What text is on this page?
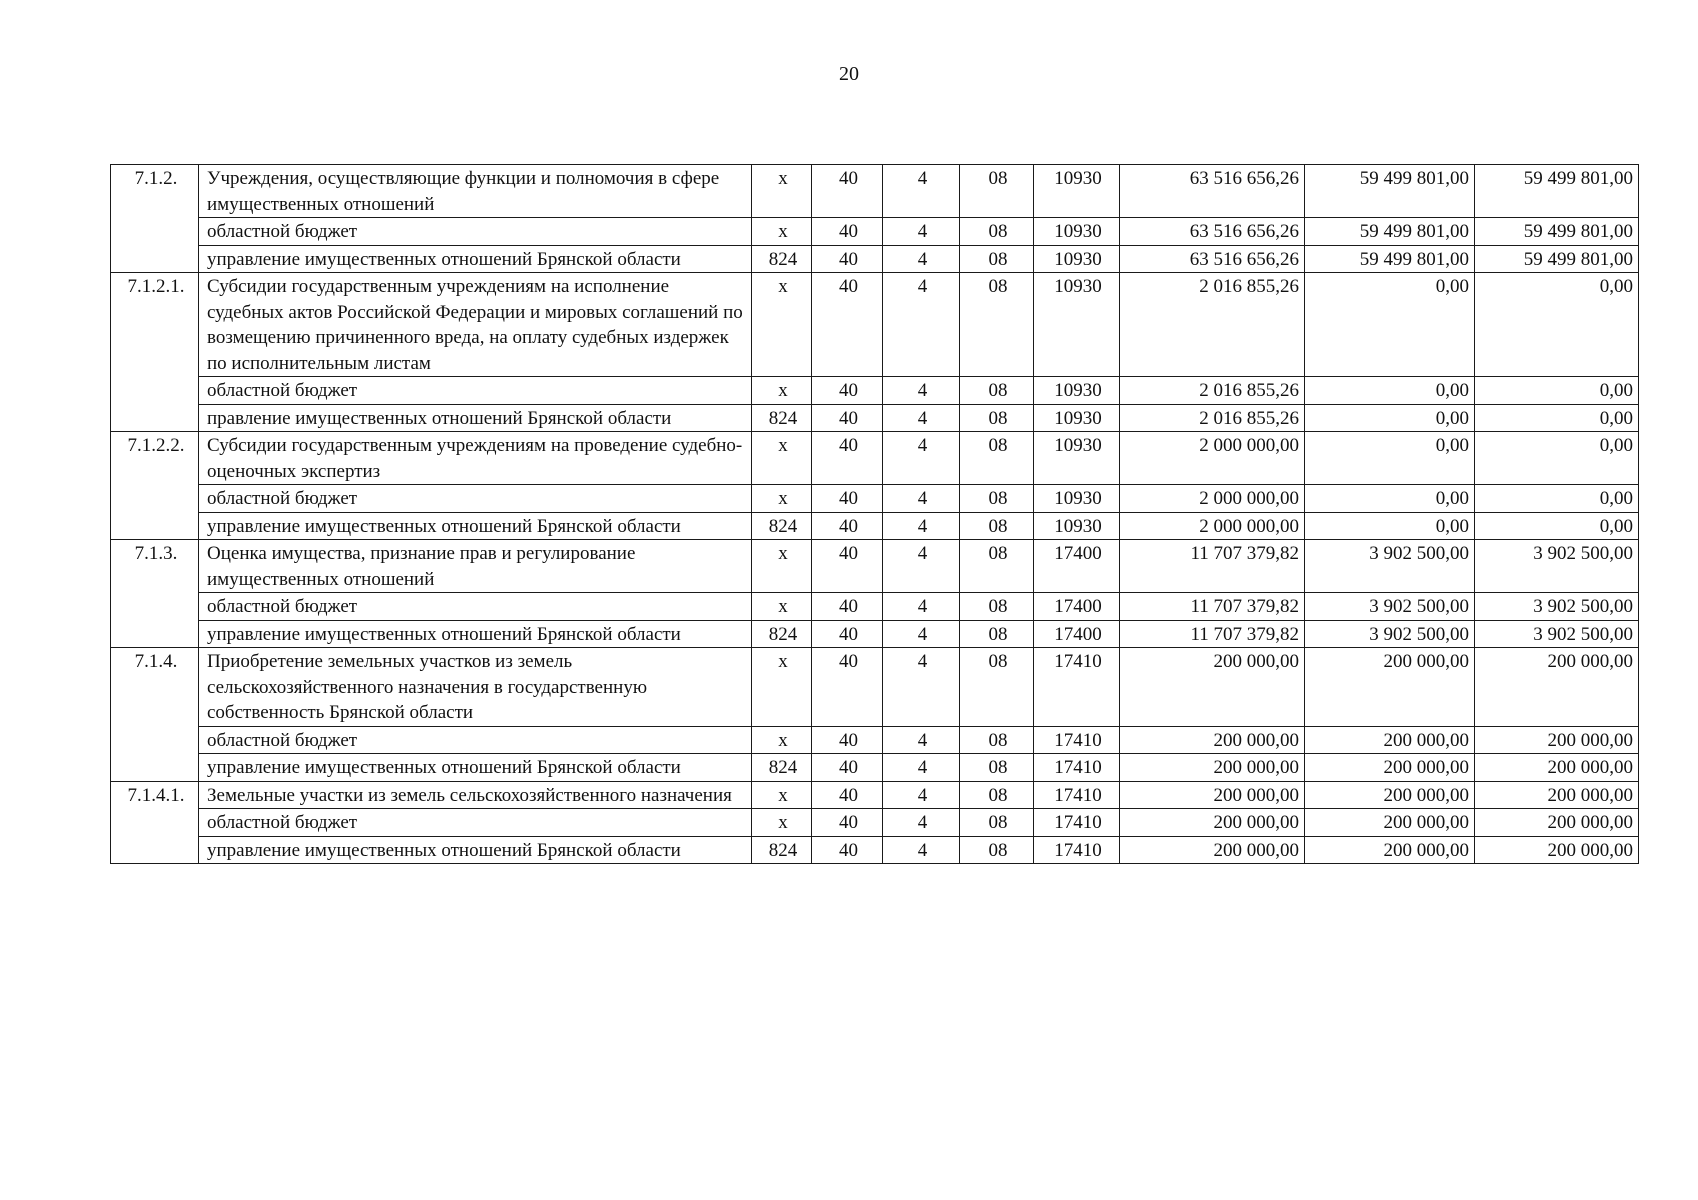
20
7.1.2.	Учреждения, осуществляющие функции и полномочия в сфере имущественных отношений	х	40	4	08	10930	63 516 656,26	59 499 801,00	59 499 801,00
	областной бюджет	х	40	4	08	10930	63 516 656,26	59 499 801,00	59 499 801,00
	управление имущественных отношений Брянской области	824	40	4	08	10930	63 516 656,26	59 499 801,00	59 499 801,00
7.1.2.1.	Субсидии государственным учреждениям на исполнение судебных актов Российской Федерации и мировых соглашений по возмещению причиненного вреда, на оплату судебных издержек по исполнительным листам	х	40	4	08	10930	2 016 855,26	0,00	0,00
	областной бюджет	х	40	4	08	10930	2 016 855,26	0,00	0,00
	правление имущественных отношений Брянской области	824	40	4	08	10930	2 016 855,26	0,00	0,00
7.1.2.2.	Субсидии государственным учреждениям на проведение судебно-оценочных экспертиз	х	40	4	08	10930	2 000 000,00	0,00	0,00
	областной бюджет	х	40	4	08	10930	2 000 000,00	0,00	0,00
	управление имущественных отношений Брянской области	824	40	4	08	10930	2 000 000,00	0,00	0,00
7.1.3.	Оценка имущества, признание прав и регулирование имущественных отношений	х	40	4	08	17400	11 707 379,82	3 902 500,00	3 902 500,00
	областной бюджет	х	40	4	08	17400	11 707 379,82	3 902 500,00	3 902 500,00
	управление имущественных отношений Брянской области	824	40	4	08	17400	11 707 379,82	3 902 500,00	3 902 500,00
7.1.4.	Приобретение земельных участков из земель сельскохозяйственного назначения в государственную собственность Брянской области	х	40	4	08	17410	200 000,00	200 000,00	200 000,00
	областной бюджет	х	40	4	08	17410	200 000,00	200 000,00	200 000,00
	управление имущественных отношений Брянской области	824	40	4	08	17410	200 000,00	200 000,00	200 000,00
7.1.4.1.	Земельные участки из земель сельскохозяйственного назначения	х	40	4	08	17410	200 000,00	200 000,00	200 000,00
	областной бюджет	х	40	4	08	17410	200 000,00	200 000,00	200 000,00
	управление имущественных отношений Брянской области	824	40	4	08	17410	200 000,00	200 000,00	200 000,00
